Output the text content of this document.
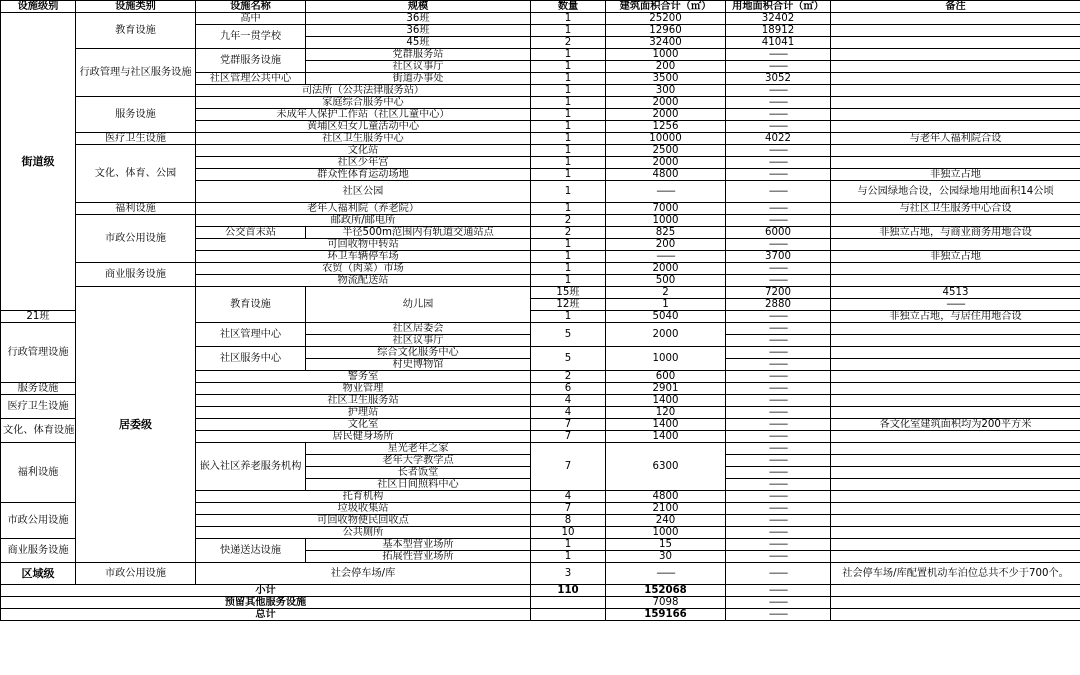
设施级别	设施类别	设施名称	规模	数量	建筑面积合计（㎡）	用地面积合计（㎡）	备注	
街道级	教育设施	高中	36班	1	25200	32402		
		九年一贯学校	36班	1	12960	18912		
			45班	2	32400	41041		
	行政管理与社区服务设施	党群服务设施	党群服务站	1	1000	——		
			社区议事厅	1	200	——		
		社区管理公共中心	街道办事处	1	3500	3052		
		司法所（公共法律服务站）		1	300	——		
	服务设施	家庭综合服务中心		1	2000	——		
		未成年人保护工作站（社区儿童中心）		1	2000	——		
		黄埔区妇女儿童活动中心		1	1256	——		
	医疗卫生设施	社区卫生服务中心		1	10000	4022	与老年人福利院合设	
	文化、体育、公园	文化站		1	2500	——		
		社区少年宫		1	2000	——		
		群众性体育运动场地		1	4800	——	非独立占地	
		社区公园		1	——	——	与公园绿地合设，公园绿地用地面积14公顷	
	福利设施	老年人福利院（养老院）		1	7000	——	与社区卫生服务中心合设	
	市政公用设施	邮政所/邮电所		2	1000	——		
		公交首末站	半径500m范围内有轨道交通站点	2	825	6000	非独立占地，与商业商务用地合设	
		可回收物中转站		1	200	——		
		环卫车辆停车场		1	——	3700	非独立占地	
	商业服务设施	农贸（肉菜）市场		1	2000	——		
		物流配送站		1	500	——		
	居委级	教育设施	幼儿园	15班	2	7200	4513	
				12班	1	2880	——	
21班				1	5040	——	非独立占地，与居住用地合设	
行政管理设施		社区管理中心	社区居委会	5	2000	——		
			社区议事厅			——		
		社区服务中心	综合文化服务中心	5	1000	——		
			村史博物馆			——		
		警务室		2	600	——		
服务设施		物业管理		6	2901	——		
医疗卫生设施		社区卫生服务站		4	1400	——		
		护理站		4	120	——		
文化、体育设施		文化室		7	1400	——	各文化室建筑面积均为200平方米	
		居民健身场所		7	1400	——		
福利设施		嵌入社区养老服务机构	星光老年之家	7	6300	——		
			老年大学教学点			——		
			长者饭堂			——		
			社区日间照料中心			——		
		托育机构		4	4800	——		
市政公用设施		垃圾收集站		7	2100	——		
		可回收物便民回收点		8	240	——		
		公共厕所		10	1000	——		
商业服务设施		快递送达设施	基本型营业场所	1	15	——		
			拓展性营业场所	1	30	——		
区域级	市政公用设施	社会停车场/库		3	——	——	社会停车场/库配置机动车泊位总共不少于700个。	
小计				110	152068	——		
预留其他服务设施					7098	——		
总计					159166	——		
